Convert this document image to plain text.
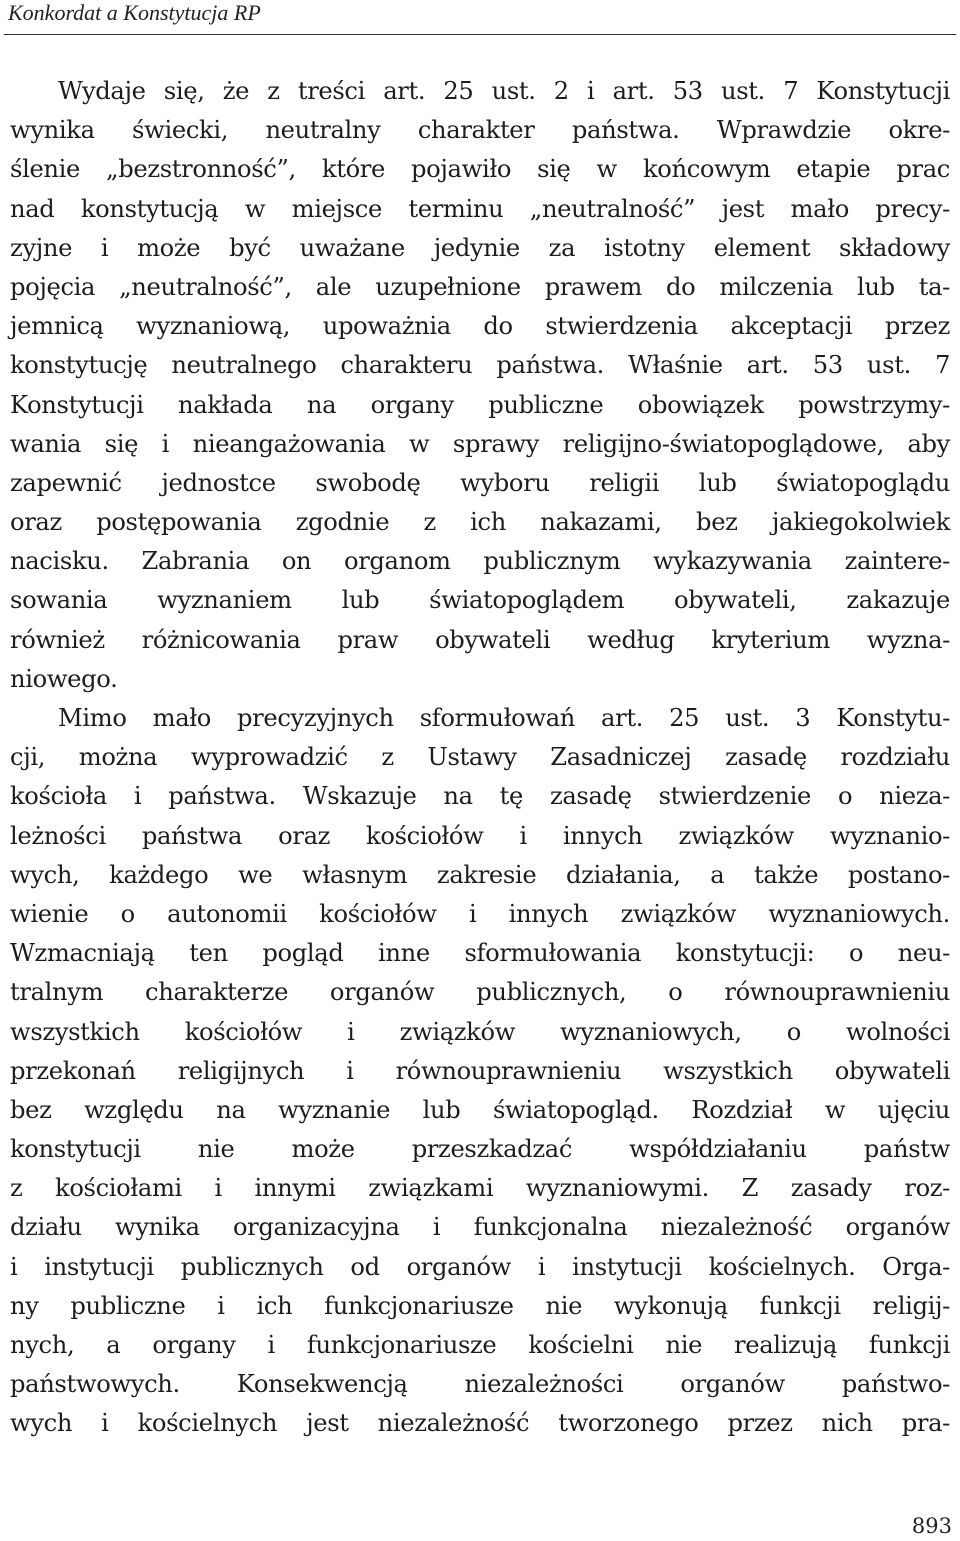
Konkordat a Konstytucja RP
Wydaje się, że z treści art. 25 ust. 2 i art. 53 ust. 7 Konstytucji
wynika świecki, neutralny charakter państwa. Wprawdzie okre-
ślenie „bezstronność”, które pojawiło się w końcowym etapie prac
nad konstytucją w miejsce terminu „neutralność” jest mało precy-
zyjne i może być uważane jedynie za istotny element składowy
pojęcia „neutralność”, ale uzupełnione prawem do milczenia lub ta-
jemnicą wyznaniową, upoważnia do stwierdzenia akceptacji przez
konstytucję neutralnego charakteru państwa. Właśnie art. 53 ust. 7
Konstytucji nakłada na organy publiczne obowiązek powstrzymy-
wania się i nieangażowania w sprawy religijno-światopoglądowe, aby
zapewnić jednostce swobodę wyboru religii lub światopoglądu
oraz postępowania zgodnie z ich nakazami, bez jakiegokolwiek
nacisku. Zabrania on organom publicznym wykazywania zaintere-
sowania wyznaniem lub światopoglądem obywateli, zakazuje
również różnicowania praw obywateli według kryterium wyzna-
niowego.
Mimo mało precyzyjnych sformułowań art. 25 ust. 3 Konstytu-
cji, można wyprowadzić z Ustawy Zasadniczej zasadę rozdziału
kościoła i państwa. Wskazuje na tę zasadę stwierdzenie o nieza-
leżności państwa oraz kościołów i innych związków wyznanio-
wych, każdego we własnym zakresie działania, a także postano-
wienie o autonomii kościołów i innych związków wyznaniowych.
Wzmacniają ten pogląd inne sformułowania konstytucji: o neu-
tralnym charakterze organów publicznych, o równouprawnieniu
wszystkich kościołów i związków wyznaniowych, o wolności
przekonań religijnych i równouprawnieniu wszystkich obywateli
bez względu na wyznanie lub światopogląd. Rozdział w ujęciu
konstytucji nie może przeszkadzać współdziałaniu państw
z kościołami i innymi związkami wyznaniowymi. Z zasady roz-
działu wynika organizacyjna i funkcjonalna niezależność organów
i instytucji publicznych od organów i instytucji kościelnych. Orga-
ny publiczne i ich funkcjonariusze nie wykonują funkcji religij-
nych, a organy i funkcjonariusze kościelni nie realizują funkcji
państwowych. Konsekwencją niezależności organów państwo-
wych i kościelnych jest niezależność tworzonego przez nich pra-
893
